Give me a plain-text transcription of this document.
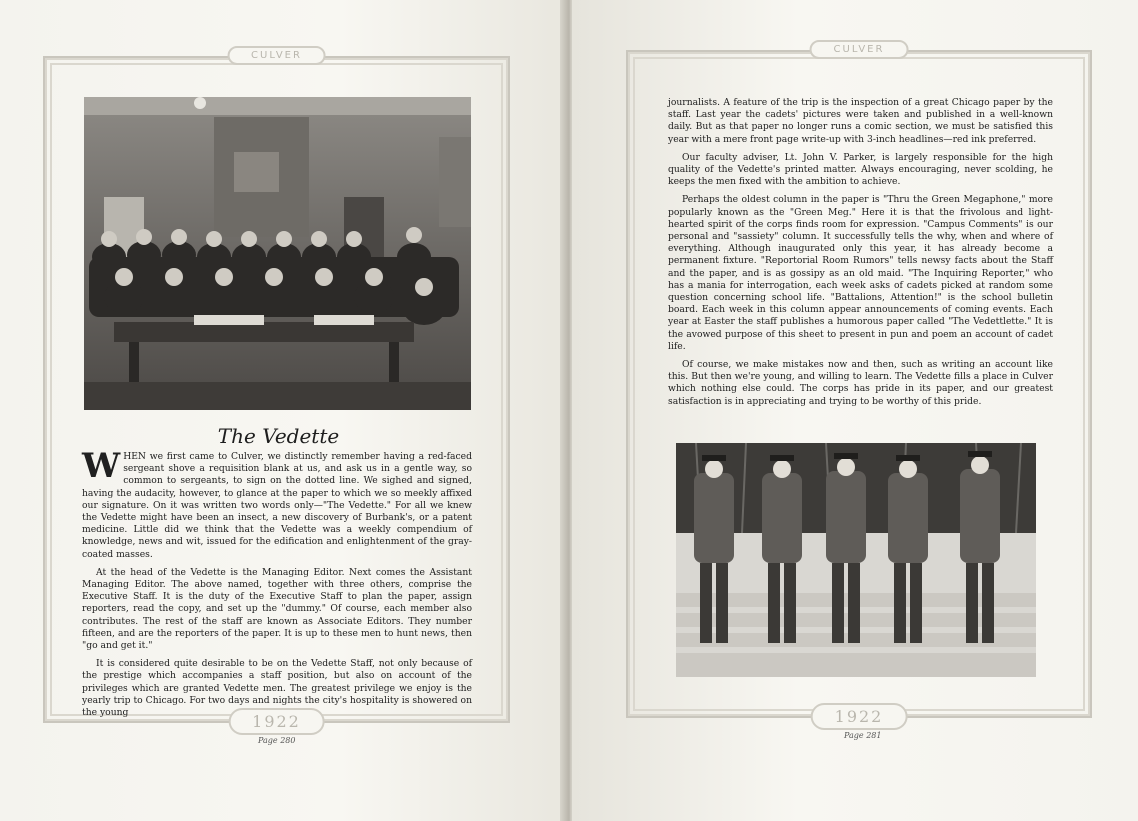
CULVER
1922
The Vedette

WHEN we first came to Culver, we distinctly remember having a red-faced sergeant shove a requisition blank at us, and ask us in a gentle way, so common to sergeants, to sign on the dotted line. We sighed and signed, having the audacity, however, to glance at the paper to which we so meekly affixed our signature. On it was written two words only—"The Vedette." For all we knew the Vedette might have been an insect, a new discovery of Burbank's, or a patent medicine. Little did we think that the Vedette was a weekly compendium of knowledge, news and wit, issued for the edification and enlightenment of the gray-coated masses.

At the head of the Vedette is the Managing Editor. Next comes the Assistant Managing Editor. The above named, together with three others, comprise the Executive Staff. It is the duty of the Executive Staff to plan the paper, assign reporters, read the copy, and set up the "dummy." Of course, each member also contributes. The rest of the staff are known as Associate Editors. They number fifteen, and are the reporters of the paper. It is up to these men to hunt news, then "go and get it."

It is considered quite desirable to be on the Vedette Staff, not only because of the prestige which accompanies a staff position, but also on account of the privileges which are granted Vedette men. The greatest privilege we enjoy is the yearly trip to Chicago. For two days and nights the city's hospitality is showered on the young

Page 280
CULVER
1922

journalists. A feature of the trip is the inspection of a great Chicago paper by the staff. Last year the cadets' pictures were taken and published in a well-known daily. But as that paper no longer runs a comic section, we must be satisfied this year with a mere front page write-up with 3-inch headlines—red ink preferred.

Our faculty adviser, Lt. John V. Parker, is largely responsible for the high quality of the Vedette's printed matter. Always encouraging, never scolding, he keeps the men fixed with the ambition to achieve.

Perhaps the oldest column in the paper is "Thru the Green Megaphone," more popularly known as the "Green Meg." Here it is that the frivolous and light-hearted spirit of the corps finds room for expression. "Campus Comments" is our personal and "sassiety" column. It successfully tells the why, when and where of everything. Although inaugurated only this year, it has already become a permanent fixture. "Reportorial Room Rumors" tells newsy facts about the Staff and the paper, and is as gossipy as an old maid. "The Inquiring Reporter," who has a mania for interrogation, each week asks of cadets picked at random some question concerning school life. "Battalions, Attention!" is the school bulletin board. Each week in this column appear announcements of coming events. Each year at Easter the staff publishes a humorous paper called "The Vedettlette." It is the avowed purpose of this sheet to present in pun and poem an account of cadet life.

Of course, we make mistakes now and then, such as writing an account like this. But then we're young, and willing to learn. The Vedette fills a place in Culver which nothing else could. The corps has pride in its paper, and our greatest satisfaction is in appreciating and trying to be worthy of this pride.

Page 281
